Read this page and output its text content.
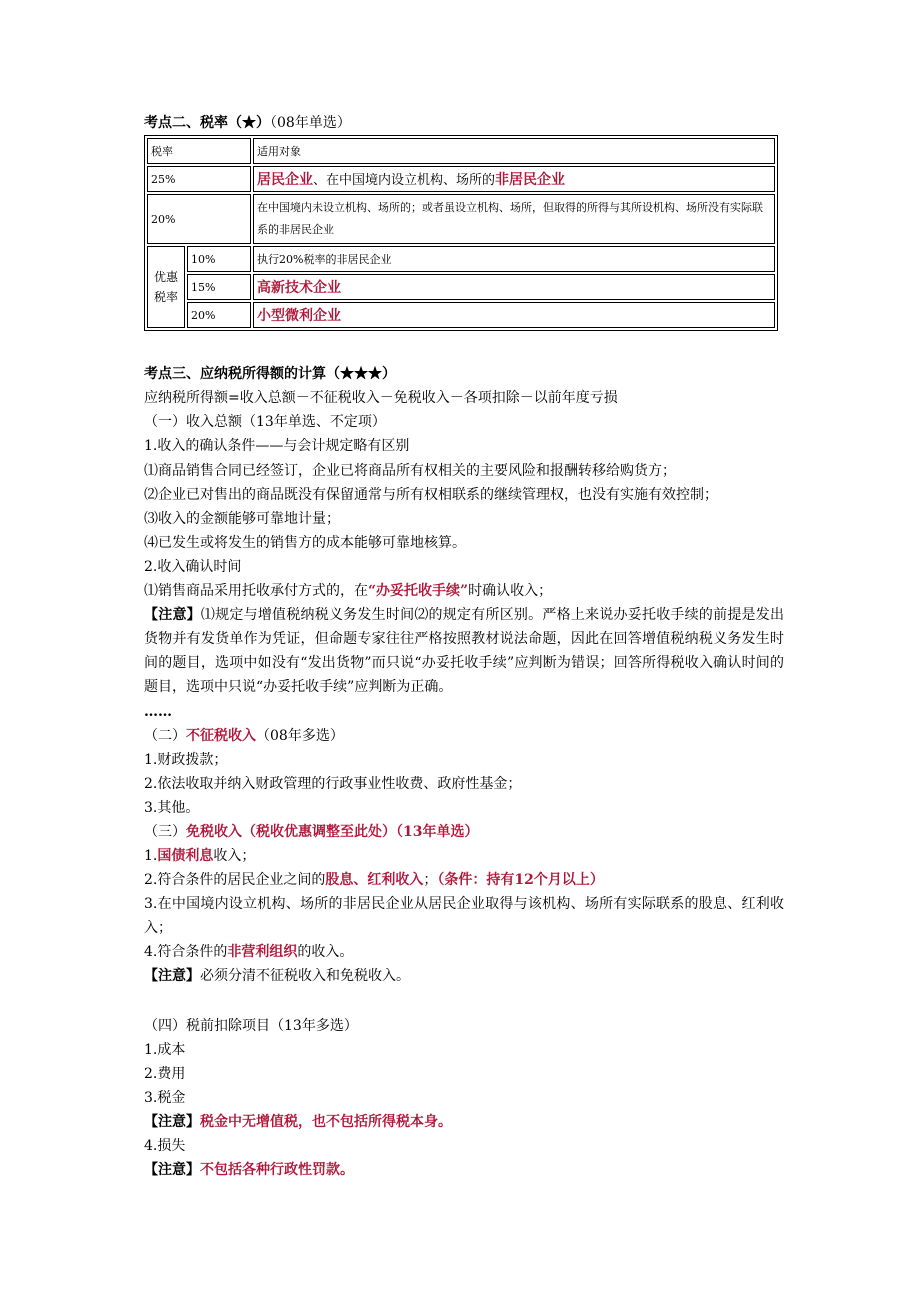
考点二、税率（★）（08年单选）
税率		适用对象
25%		居民企业、在中国境内设立机构、场所的非居民企业
20%		在中国境内未设立机构、场所的；或者虽设立机构、场所，但取得的所得与其所设机构、场所没有实际联系的非居民企业
优惠税率	10%	执行20%税率的非居民企业
	15%	高新技术企业
	20%	小型微利企业
考点三、应纳税所得额的计算（★★★）
应纳税所得额=收入总额－不征税收入－免税收入－各项扣除－以前年度亏损
（一）收入总额（13年单选、不定项）
1.收入的确认条件——与会计规定略有区别
⑴商品销售合同已经签订，企业已将商品所有权相关的主要风险和报酬转移给购货方；
⑵企业已对售出的商品既没有保留通常与所有权相联系的继续管理权，也没有实施有效控制；
⑶收入的金额能够可靠地计量；
⑷已发生或将发生的销售方的成本能够可靠地核算。
2.收入确认时间
⑴销售商品采用托收承付方式的，在“办妥托收手续”时确认收入；
【注意】⑴规定与增值税纳税义务发生时间⑵的规定有所区别。严格上来说办妥托收手续的前提是发出货物并有发货单作为凭证，但命题专家往往严格按照教材说法命题，因此在回答增值税纳税义务发生时间的题目，选项中如没有“发出货物”而只说“办妥托收手续”应判断为错误；回答所得税收入确认时间的题目，选项中只说“办妥托收手续”应判断为正确。
……
（二）不征税收入（08年多选）
1.财政拨款；
2.依法收取并纳入财政管理的行政事业性收费、政府性基金；
3.其他。
（三）免税收入（税收优惠调整至此处）（13年单选）
1.国债利息收入；
2.符合条件的居民企业之间的股息、红利收入；（条件：持有12个月以上）
3.在中国境内设立机构、场所的非居民企业从居民企业取得与该机构、场所有实际联系的股息、红利收入；
4.符合条件的非营利组织的收入。
【注意】必须分清不征税收入和免税收入。
（四）税前扣除项目（13年多选）
1.成本
2.费用
3.税金
【注意】税金中无增值税，也不包括所得税本身。
4.损失
【注意】不包括各种行政性罚款。
